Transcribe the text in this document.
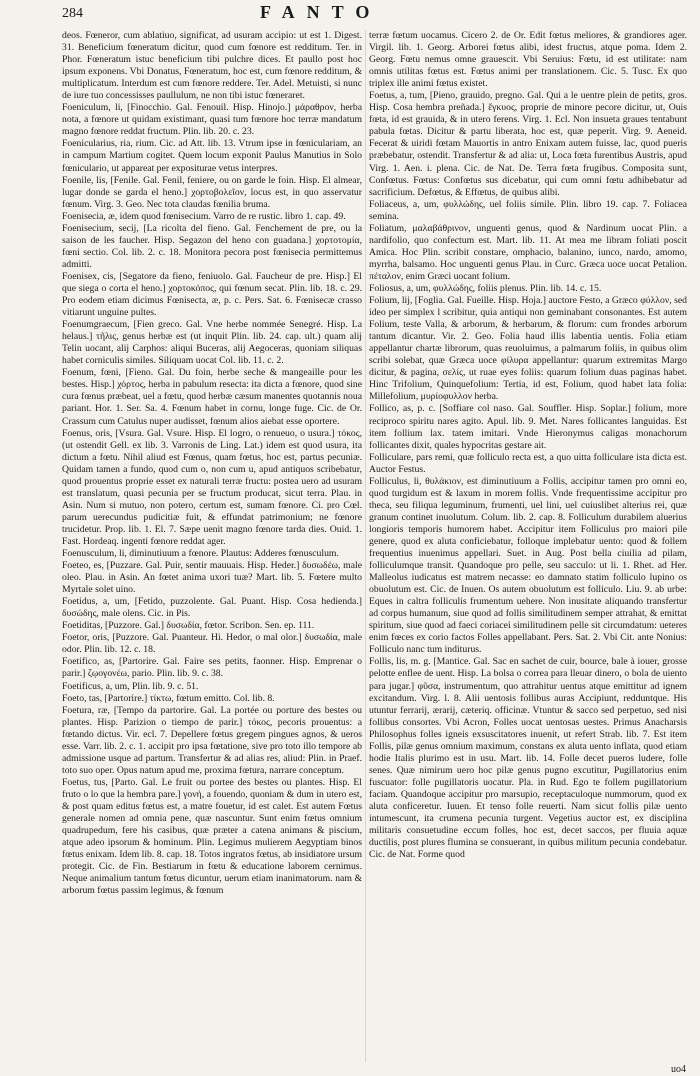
284	FANTO

deos. Fœneror, cum ablatiuo, significat, ad usuram accipio: ut est 1. Digest. 31. Beneficium fœneratum dicitur, quod cum fœnore est redditum. Ter. in Phor. Fœneratum istuc beneficium tibi pulchre dices. Et paullo post hoc ipsum exponens. Vbi Donatus, Fœneratum, hoc est, cum fœnore redditum, & multiplicatum. Interdum est cum fœnore reddere. Ter. Adel. Metuisti, si nunc de iure tuo concessisses paullulum, ne non tibi istuc fœneraret.

Foeniculum, li, [Finocchio. Gal. Fenouil. Hisp. Hinojo.] μάραθρον, herba nota, a fœnore ut quidam existimant, quasi tum fœnore hoc terræ mandatum magno fœnore reddat fructum. Plin. lib. 20. c. 23.

Foenicularius, ria, rium. Cic. ad Att. lib. 13. Vtrum ipse in fœniculariam, an in campum Martium cogitet. Quem locum exponit Paulus Manutius in Solo fœniculario, ut appareat per expositurae vetus interpres.

Foenile, lis, [Fenile. Gal. Fenil, feniere, ou on garde le foin. Hisp. El almear, lugar donde se garda el heno.] χορτοβολεῖον, locus est, in quo asservatur fœnum. Virg. 3. Geo. Nec tota claudas fœnilia bruma.

Foenisecia, æ, idem quod fœnisecium. Varro de re rustic. libro 1. cap. 49.

Foenisecium, secij, [La ricolta del fieno. Gal. Fenchement de pre, ou la saison de les faucher. Hisp. Segazon del heno con guadana.] χορτοτομία, fœni sectio. Col. lib. 2. c. 18. Monitora pecora post fœnisecia permittemus admitti.

Foenisex, cis, [Segatore da fieno, feniuolo. Gal. Faucheur de pre. Hisp.] El que siega o corta el heno.] χορτοκόπος, qui fœnum secat. Plin. lib. 18. c. 29. Pro eodem etiam dicimus Fœnisecta, æ, p. c. Pers. Sat. 6. Fœnisecæ crasso vitiarunt unguine pultes.

Foenumgraecum, [Fien greco. Gal. Vne herbe nommée Senegré. Hisp. La helaus.] τῆλις, genus herbæ est (ut inquit Plin. lib. 24. cap. ult.) quam alij Telin uocant, alij Carphos: aliqui Buceras, alij Aegoceras, quoniam siliquas habet corniculis similes. Siliquam uocat Col. lib. 11. c. 2.

Foenum, fœni, [Fieno. Gal. Du foin, herbe seche & mangeaille pour les bestes. Hisp.] χόρτος, herba in pabulum resecta: ita dicta a fœnore, quod sine cura fœnus præbeat, uel a fœtu, quod herbæ cæsum manentes quotannis noua pariant. Hor. 1. Ser. Sa. 4. Fœnum habet in cornu, longe fuge. Cic. de Or. Crassum cum Catulus nuper audisset, fœnum alios aiebat esse oportere.

Foenus, oris, [Vsura. Gal. Vsure. Hisp. El logro, o renueuo, o usura.] τόκος, (ut ostendit Gell. ex lib. 3. Varronis de Ling. Lat.) idem est quod usura, ita dictum a fœtu. Nihil aliud est Fœnus, quam fœtus, hoc est, partus pecuniæ. Quidam tamen a fundo, quod cum o, non cum u, apud antiquos scribebatur, quod prouentus proprie esset ex naturali terræ fructu: postea uero ad usuram est translatum, quasi pecunia per se fructum producat, sicut terra. Plau. in Asin. Num si mutuo, non potero, certum est, sumam fœnore. Ci. pro Cœl. parum uerecundus pudicitiæ fuit, & effundat patrimonium; ne fœnore trucidetur. Prop. lib. 1. El. 7. Sæpe uenit magno fœnore tarda dies. Ouid. 1. Fast. Hordeaq. ingenti fœnore reddat ager.

Foenusculum, li, diminutiuum a fœnore. Plautus: Adderes fœnusculum.

Foeteo, es, [Puzzare. Gal. Puir, sentir mauuais. Hisp. Heder.] δυσωδέω, male oleo. Plau. in Asin. An fœtet anima uxori tuæ? Mart. lib. 5. Fœtere multo Myrtale solet uino.

Foetidus, a, um, [Fetido, puzzolente. Gal. Puant. Hisp. Cosa hedienda.] δυσώδης, male olens. Cic. in Pis.

Foetiditas, [Puzzore. Gal.] δυσωδία, fœtor. Scribon. Sen. ep. 111.

Foetor, oris, [Puzzore. Gal. Puanteur. Hi. Hedor, o mal olor.] δυσωδία, male odor. Plin. lib. 12. c. 18.

Foetifico, as, [Partorire. Gal. Faire ses petits, faonner. Hisp. Emprenar o parir.] ζῳογονέω, pario. Plin. lib. 9. c. 38.

Foetificus, a, um, Plin. lib. 9. c. 51.

Foeto, tas, [Partorire.] τίκτω, fœtum emitto. Col. lib. 8.

Foetura, ræ, [Tempo da partorire. Gal. La portée ou porture des bestes ou plantes. Hisp. Parizion o tiempo de parir.] τόκος, pecoris prouentus: a fœtando dictus. Vir. ecl. 7. Depellere fœtus gregem pingues agnos, & ueros esse. Varr. lib. 2. c. 1. accipit pro ipsa fœtatione, sive pro toto illo tempore ab admissione usque ad partum. Transfertur & ad alias res, aliud: Plin. in Praef. toto suo oper. Opus natum apud me, proxima fœtura, narrare conceptum.

Foetus, tus, [Parto. Gal. Le fruit ou portee des bestes ou plantes. Hisp. El fruto o lo que la hembra pare.] γονή, a fouendo, quoniam & dum in utero est, & post quam editus fœtus est, a matre fouetur, id est calet. Est autem Fœtus generale nomen ad omnia pene, quæ nascuntur. Sunt enim fœtus omnium quadrupedum, fere his casibus, quæ præter a catena animans & piscium, atque adeo ipsorum & hominum. Plin. Legimus mulierem Aegyptiam binos fœtus enixam. Idem lib. 8. cap. 18. Totos ingratos fœtus, ab insidiatore ursum protegit. Cic. de Fin. Bestiarum in fœtu & educatione laborem cernimus. Neque animalium tantum fœtus dicuntur, uerum etiam inanimatorum. nam & arborum fœtus passim legimus, & fœnum

terræ fœtum uocamus. Cicero 2. de Or. Edit fœtus meliores, & grandiores ager. Virgil. lib. 1. Georg. Arborei fœtus alibi, idest fructus, atque poma. Idem 2. Georg. Fœtu nemus omne grauescit. Vbi Seruius: Fœtu, id est utilitate: nam omnis utilitas fœtus est. Fœtus animi per translationem. Cic. 5. Tusc. Ex quo triplex ille animi fœtus existet.

Foetus, a, tum, [Pieno, grauido, pregno. Gal. Qui a le uentre plein de petits, gros. Hisp. Cosa hembra preñada.] ἔγκυος, proprie de minore pecore dicitur, ut, Ouis fœta, id est grauida, & in utero ferens. Virg. 1. Ecl. Non insueta graues tentabunt pabula fœtas. Dicitur & partu liberata, hoc est, quæ peperit. Virg. 9. Aeneid. Fecerat & uiridi fœtam Mauortis in antro Enixam autem fuisse, lac, quod pueris præbebatur, ostendit. Transfertur & ad alia: ut, Loca fœta furentibus Austris, apud Virg. 1. Aen. i. plena. Cic. de Nat. De. Terra fœta frugibus. Composita sunt, Confœtus. Fœtus: Confœtus sus dicebatur, qui cum omni fœtu adhibebatur ad sacrificium. Defœtus, & Effœtus, de quibus alibi.

Foliaceus, a, um, φυλλώδης, uel foliis simile. Plin. libro 19. cap. 7. Foliacea semina.

Foliatum, μαλαβάθρινον, unguenti genus, quod & Nardinum uocat Plin. a nardifolio, quo confectum est. Mart. lib. 11. At mea me libram foliati poscit Amica. Hoc Plin. scribit constare, omphacio, balanino, iunco, nardo, amomo, myrrha, balsamo. Hoc unguenti genus Plau. in Curc. Græca uoce uocat Petalion. πέταλον, enim Græci uocant folium.

Foliosus, a, um, φυλλώδης, foliis plenus. Plin. lib. 14. c. 15.

Folium, lij, [Foglia. Gal. Fueille. Hisp. Hoja.] auctore Festo, a Græco φύλλον, sed ideo per simplex l scribitur, quia antiqui non geminabant consonantes. Est autem Folium, teste Valla, & arborum, & herbarum, & florum: cum frondes arborum tantum dicantur. Vir. 2. Geo. Folia haud illis labentia uentis. Folia etiam appellantur chartæ librorum, quas reuoluimus, a palmarum foliis, in quibus olim scribi solebat, quæ Græca uoce φίλυρα appellantur: quarum extremitas Margo dicitur, & pagina, σελίς, ut ruae eyes foliis: quarum folium duas paginas habet. Hinc Trifolium, Quinquefolium: Tertia, id est, Folium, quod habet lata folia: Millefolium, μυρίοφυλλον herba.

Follico, as, p. c. [Soffiare col naso. Gal. Souffler. Hisp. Soplar.] folium, more reciproco spiritu nares agito. Apul. lib. 9. Met. Nares follicantes languidas. Est item follium lax. tatem imitari. Vnde Hieronymus caligas monachorum follicantes dixit, quales hypocritas gestare ait.

Folliculare, pars remi, quæ folliculo recta est, a quo uitta folliculare ista dicta est. Auctor Festus.

Folliculus, li, θυλάκιον, est diminutiuum a Follis, accipitur tamen pro omni eo, quod turgidum est & laxum in morem follis. Vnde frequentissime accipitur pro theca, seu filiqua leguminum, frumenti, uel lini, uel cuiuslibet alterius rei, quæ granum continet inuolutum. Colum. lib. 2. cap. 8. Folliculum durabilem aluerius longioris temporis humorem habet. Accipitur item Folliculus pro maiori pile genere, quod ex aluta conficiebatur, folloque implebatur uento: quod & follem frequentius inuenimus appellari. Suet. in Aug. Post bella ciuilia ad pilam, folliculumque transit. Quandoque pro pelle, seu sacculo: ut li. 1. Rhet. ad Her. Malleolus iudicatus est matrem necasse: eo damnato statim folliculo lupino os obuolutum est. Cic. de Inuen. Os autem obuolutum est folliculo. Liu. 9. ab urbe: Eques in caltra folliculis frumentum uehere. Non inusitate aliquando transfertur ad corpus humanum, siue quod ad follis similitudinem semper attrahat, & emittat spiritum, siue quod ad faeci coriacei similitudinem pelle sit circumdatum: ueteres enim fœces ex corio factos Folles appellabant. Pers. Sat. 2. Vbi Cit. ante Nonius: Folliculo nanc tum inditurus.

Follis, lis, m. g. [Mantice. Gal. Sac en sachet de cuir, bource, bale à iouer, grosse pelotte enflee de uent. Hisp. La bolsa o correa para lleuar dinero, o bola de uiento para jugar.] φῦσα, instrumentum, quo attrahitur uentus atque emittitur ad ignem excitandum. Virg. l. 8. Alii uentosis follibus auras Accipiunt, redduntque. His utuntur ferrarij, ærarij, cæteriq. officinæ. Vtuntur & sacco sed perpetuo, sed nisi follibus consortes. Vbi Acron, Folles uocat uentosas uestes. Primus Anacharsis Philosophus folles igneis exsuscitatores inuenit, ut refert Strab. lib. 7. Est item Follis, pilæ genus omnium maximum, constans ex aluta uento inflata, quod etiam hodie Italis plurimo est in usu. Mart. lib. 14. Folle decet pueros ludere, folle senes. Quæ nimirum uero hoc pilæ genus pugno excutitur, Pugillatorius enim fuscuator: folle pugillatoris uocatur. Pla. in Rud. Ego te follem pugillatorium faciam. Quandoque accipitur pro marsupio, receptaculoque nummorum, quod ex aluta conficeretur. Iuuen. Et tenso folle reuerti. Nam sicut follis pilæ uento intumescunt, ita crumena pecunia turgent. Vegetius auctor est, ex disciplina militaris consuetudine eccum folles, hoc est, decet saccos, per fluuia aquæ ductilis, post plures flumina se consuerant, in quibus militum pecunia condebatur. Cic. de Nat. Forme quod

uo4
